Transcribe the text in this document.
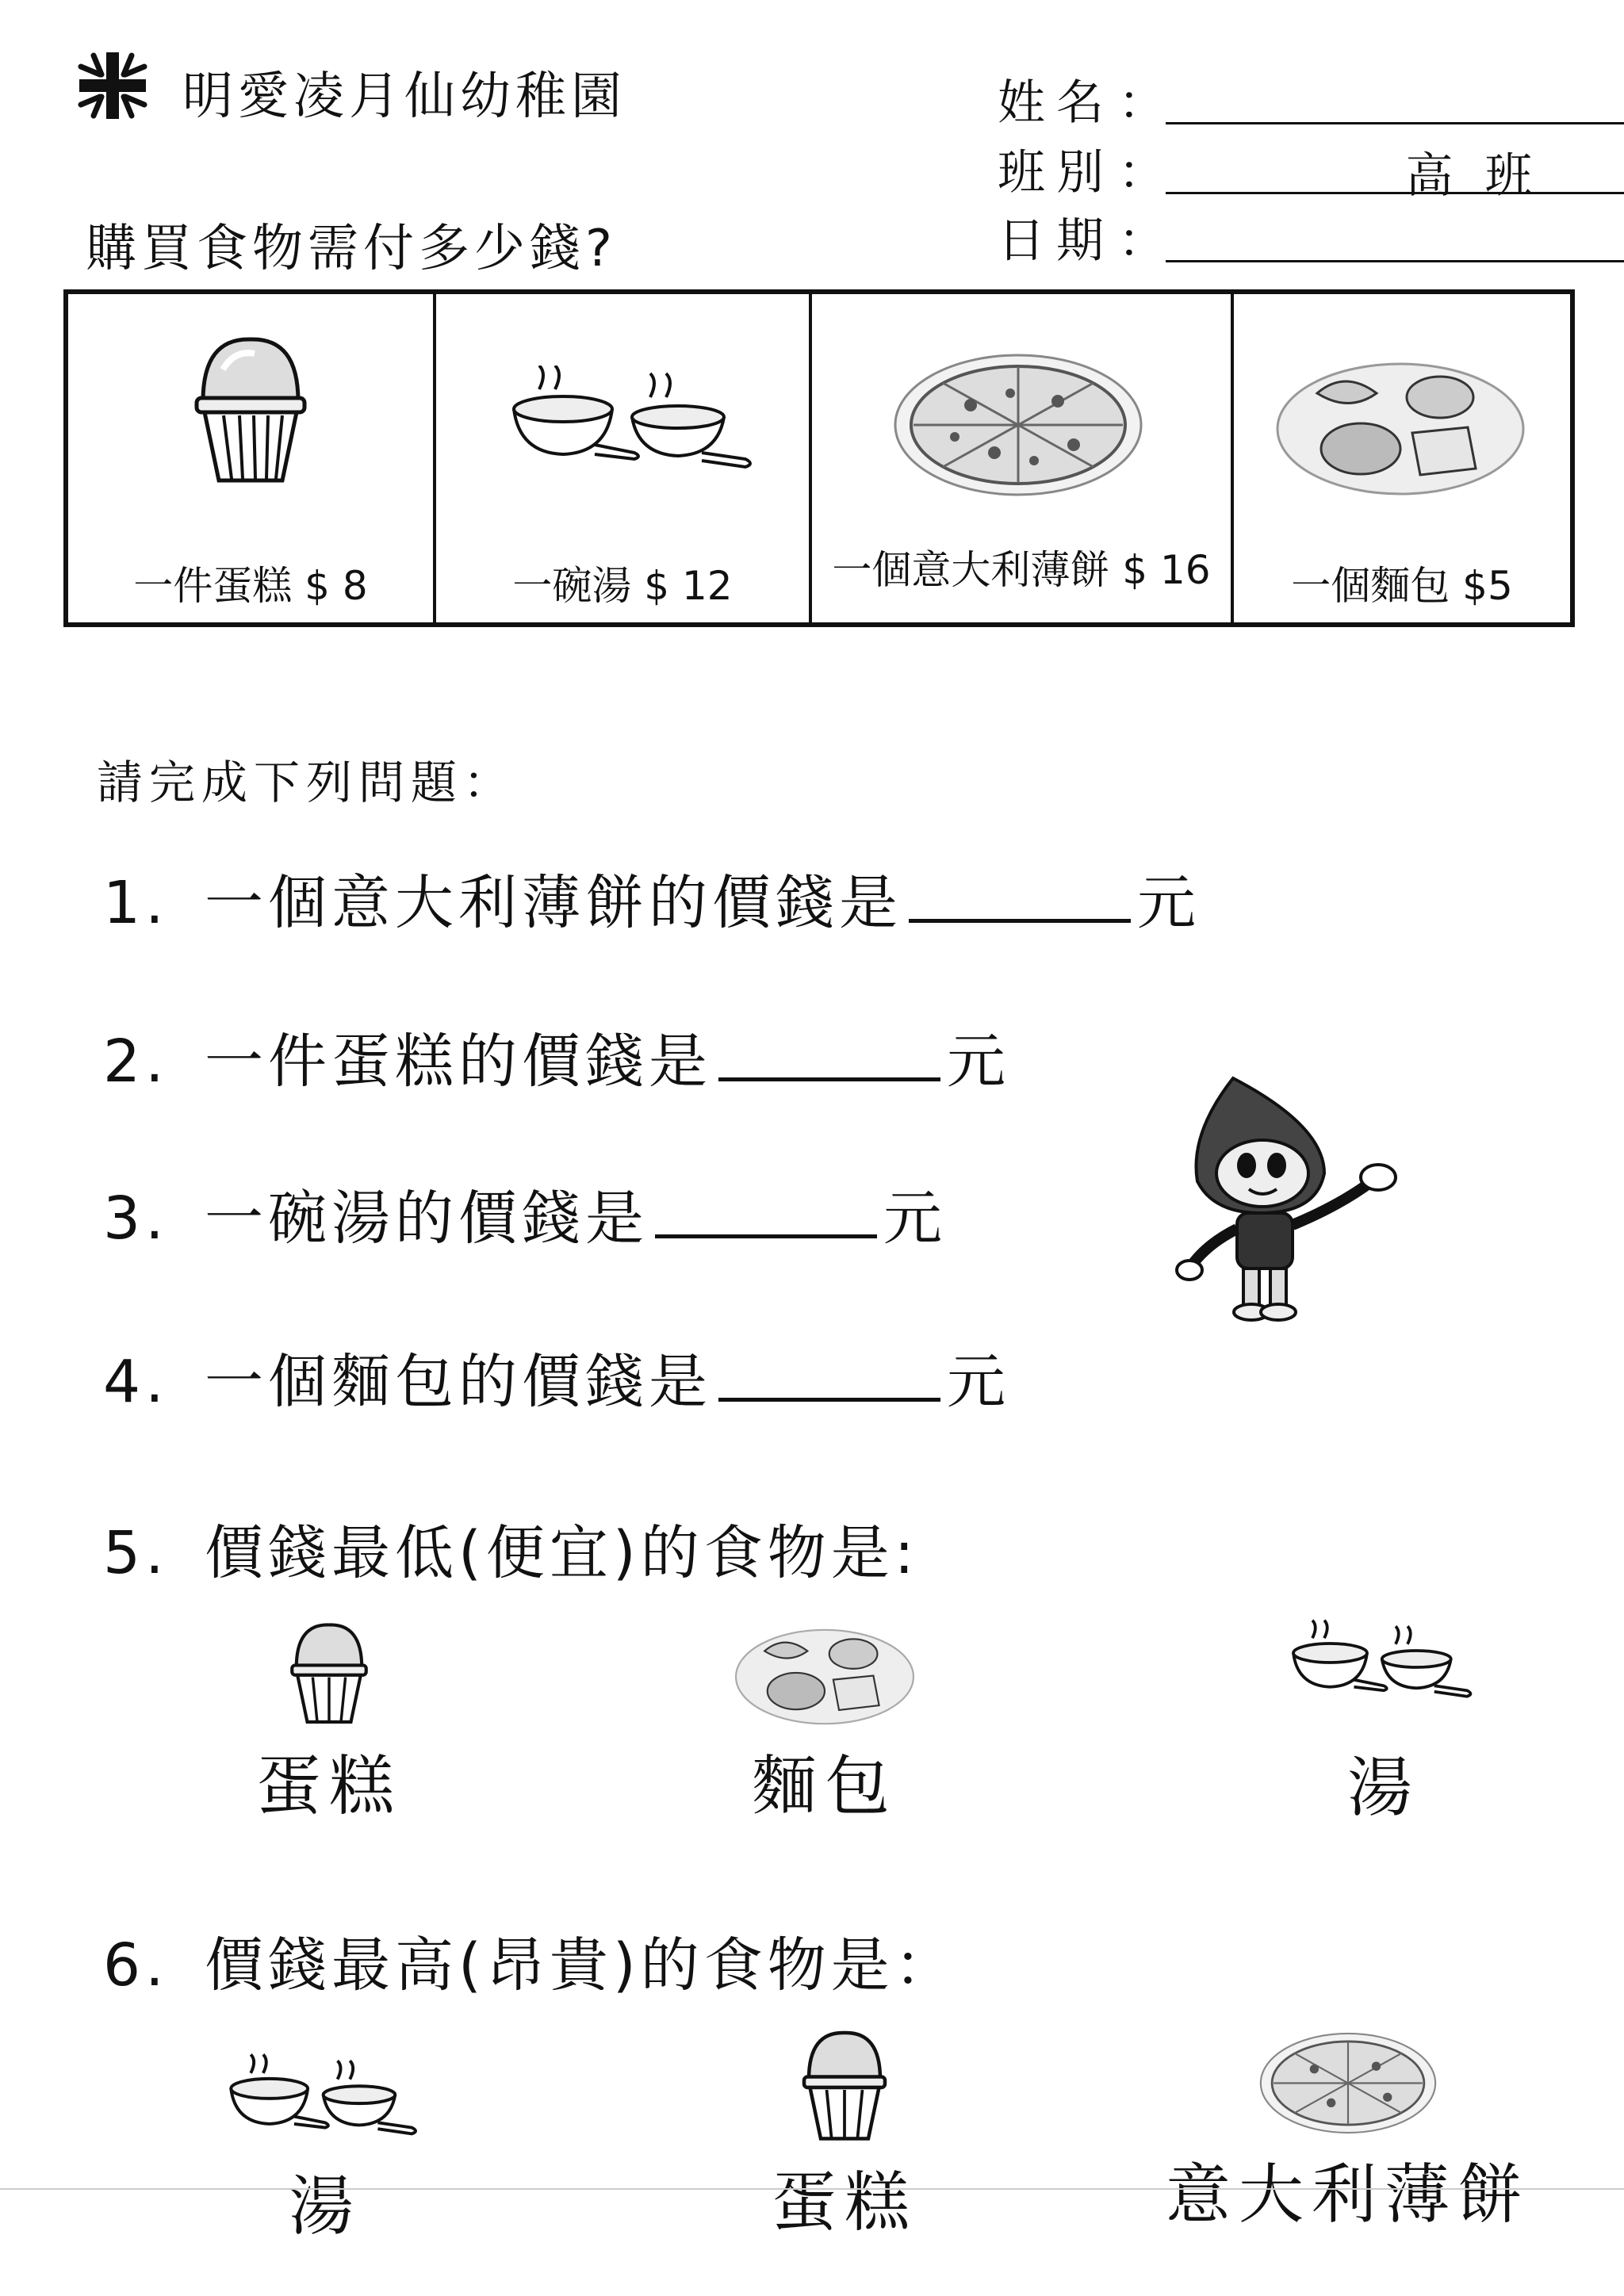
明愛凌月仙幼稚園
購買食物需付多少錢?
姓名 ：
班別 ：	高班
日期 ：
一件蛋糕 $ 8	一碗湯 $ 12	一個意大利薄餅 $ 16	一個麵包 $5
請完成下列問題：
1. 一個意大利薄餅的價錢是	元
2. 一件蛋糕的價錢是	元
3. 一碗湯的價錢是	元
4. 一個麵包的價錢是	元
5. 價錢最低(便宜)的食物是:
蛋糕	麵包	湯
6. 價錢最高(昂貴)的食物是：
湯	蛋糕	意大利薄餅
